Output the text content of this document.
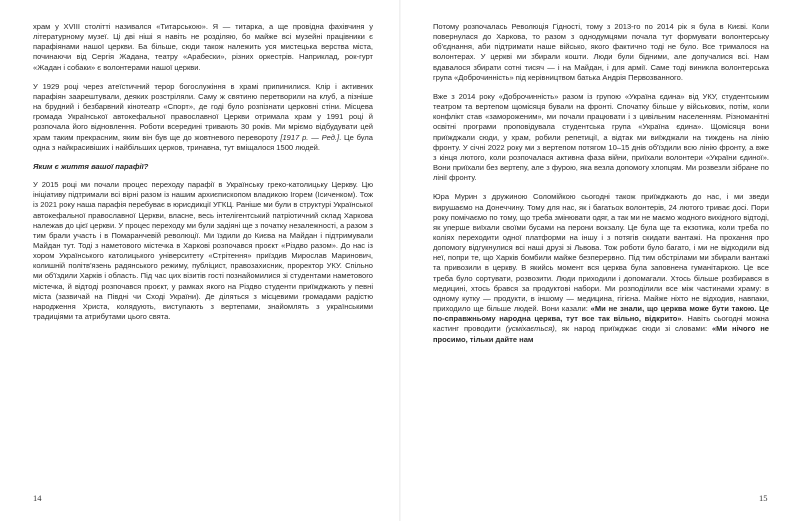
храм у XVIII столітті називался «Титарською». Я — титарка, а ще провідна фахівчиня у літературному музеї. Ці дві ніші я навіть не розділяю, бо майже всі музейні працівники є парафіянами нашої церкви. Ба більше, сюди також належить уся мистецька верства міста, починаючи від Сергія Жадана, театру «Арабески», різних оркестрів. Наприклад, рок-гурт «Жадан і собаки» є волонтерами нашої церкви.

У 1929 році через атеїстичний терор богослужіння в храмі припинилися. Кліp і активних парафіян заарештували, деяких розстріляли. Саму ж святиню перетворили на клуб, а пізніше на брудний і безбарвний кінотеатр «Спорт», де годі було розпізнати церковні стіни. Місцева громада Української автокефальної православної Церкви отримала храм у 1991 році й розпочала його відновлення. Роботи всередині тривають 30 років. Ми мріємо відбудувати цей храм таким прекрасним, яким він був ще до жовтневого перевороту [1917 р. — Ред.]. Це була одна з найкрасивіших і найбільших церков, тринавна, тут вміщалося 1500 людей.

Яким є життя вашої парафії?

У 2015 році ми почали процес переходу парафії в Українську греко-католицьку Церкву. Цю ініціативу підтримали всі вірні разом із нашим архиєпископом владикою Ігорем (Ісиченком). Тож із 2021 року наша парафія перебуває в юрисдикції УГКЦ. Раніше ми були в структурі Української автокефальної православної Церкви, власне, весь інтелігентський патріотичний склад Харкова належав до цієї церкви. У процес переходу ми були задіяні ще з початку незалежності, а разом з тим брали участь і в Помаранчевій революції. Ми їздили до Києва на Майдан і підтримували Майдан тут. Тоді з наметового містечка в Харкові розпочався проєкт «Різдво разом». До нас із хором Українського католицького університету «Стрітення» приїздив Мирослав Маринович, колишній політв'язень радянського режиму, публіцист, правозахисник, проректор УКУ. Спільно ми об'їздили Харків і область. Під час цих візитів гості познайомилися зі студентами наметового містечка, й відтоді розпочався проєкт, у рамках якого на Різдво студенти приїжджають у певні міста (зазвичай на Півдні чи Сході України). Де діляться з місцевими громадами радістю народження Христа, колядують, виступають з вертепами, знайомлять з українськими традиціями та атрибутами цього свята.

Потому розпочалась Революція Гідності, тому з 2013-го по 2014 рік я була в Києві. Коли повернулася до Харкова, то разом з однодумцями почала тут формувати волонтерську об'єднання, аби підтримати наше військо, якого фактично тоді не було. Все трималося на волонтерах. У церкві ми збирали кошти. Люди були бідними, але допучалися всі. Нам вдавалося збирати сотні тисяч — і на Майдан, і для армії. Саме тоді виникла волонтерська група «Доброчинність» під керівництвом батька Андрія Первозванного.

Вже з 2014 року «Доброчинність» разом із групою «Україна єдина» від УКУ, студентським театром та вертепом щомісяця бували на фронті. Спочатку більше у військових, потім, коли конфлікт став «замороженим», ми почали працювати і з цивільним населенням. Різноманітні освітні програми проповідувала студентська група «Україна єдина». Щомісяця вони приїжджали сюди, у храм, робили репетиції, а відтак ми виїжджали на тиждень на лінію фронту. У січні 2022 року ми з вертепом потягом 10–15 днів об'їздили всю лінію фронту, а вже з кінця лютого, коли розпочалася активна фаза війни, приїхали волонтери «України єдиної». Вони приїхали без вертепу, але з фурою, яка везла допомогу хлопцям. Ми розвезли зібране по лінії фронту.

Юра Мурин з дружиною Соломійкою сьогодні також приїжджають до нас, і ми зведи вирушаємо на Донеччину. Тому для нас, як і багатьох волонтерів, 24 лютого триває досі. Пори року помічаємо по тому, що треба змінювати одяг, а так ми не маємо жодного вихідного відтоді, як уперше виїхали своїми бусами на перони вокзалу. Це була ще та екзотика, коли треба по коліях переходити одної платформи на іншу і з потягів скидати вантажі. На прохання про допомогу відгукнулися всі наші друзі зі Львова. Тож роботи було багато, і ми не відходили від неї, попри те, що Харків бомбили майже безперервно. Під тим обстрілами ми збирали вантажі та привозили в церкву. В якийсь момент вся церква була заповнена гуманітаркою. Це все треба було сортувати, розвозити. Люди приходили і допомагали. Хтось більше розбирався в медицині, хтось брався за продуктові набори. Ми розподілили все між частинами храму: в одному кутку — продукти, в іншому — медицина, гігієна. Майже ніхто не відходив, навпаки, приходило ще більше людей. Вони казали: «Ми не знали, що церква може бути такою. Це по-справжньому народна церква, тут все так вільно, відкрито». Навіть сьогодні можна кастинг проводити (усміхається), як народ приїжджає сюди зі словами: «Ми нічого не просимо, тільки дайте нам

14	15
